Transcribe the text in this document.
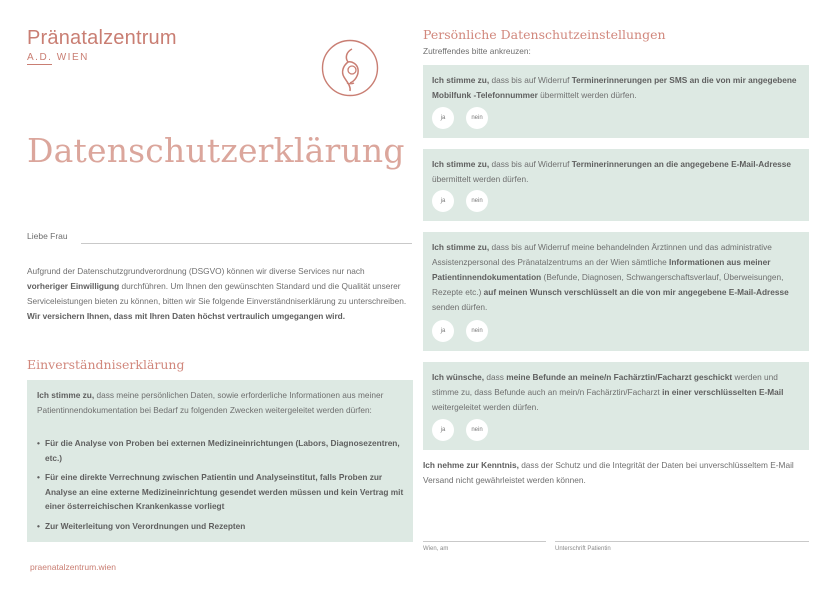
Pränatalzentrum
A.D. WIEN
Datenschutzerklärung
Liebe Frau
Aufgrund der Datenschutzgrundverordnung (DSGVO) können wir diverse Services nur nach vorheriger Einwilligung durchführen. Um Ihnen den gewünschten Standard und die Qualität unserer Serviceleistungen bieten zu können, bitten wir Sie folgende Einverständniserklärung zu unterschreiben. Wir versichern Ihnen, dass mit Ihren Daten höchst vertraulich umgegangen wird.
Einverständniserklärung
Ich stimme zu, dass meine persönlichen Daten, sowie erforderliche Informationen aus meiner Patientinnendokumentation bei Bedarf zu folgenden Zwecken weitergeleitet werden dürfen:
• Für die Analyse von Proben bei externen Medizineinrichtungen (Labors, Diagnosezentren, etc.)
• Für eine direkte Verrechnung zwischen Patientin und Analyseinstitut, falls Proben zur Analyse an eine externe Medizineinrichtung gesendet werden müssen und kein Vertrag mit einer österreichischen Krankenkasse vorliegt
• Zur Weiterleitung von Verordnungen und Rezepten
praenatalzentrum.wien
Persönliche Datenschutzeinstellungen
Zutreffendes bitte ankreuzen:
Ich stimme zu, dass bis auf Widerruf Terminerinnerungen per SMS an die von mir angegebene Mobilfunk -Telefonnummer übermittelt werden dürfen.
ja	nein
Ich stimme zu, dass bis auf Widerruf Terminerinnerungen an die angegebene E-Mail-Adresse übermittelt werden dürfen.
ja	nein
Ich stimme zu, dass bis auf Widerruf meine behandelnden Ärztinnen und das administrative Assistenzpersonal des Pränatalzentrums an der Wien sämtliche Informationen aus meiner Patientinnendokumentation (Befunde, Diagnosen, Schwangerschaftsverlauf, Überweisungen, Rezepte etc.) auf meinen Wunsch verschlüsselt an die von mir angegebene E-Mail-Adresse senden dürfen.
ja	nein
Ich wünsche, dass meine Befunde an meine/n Fachärztin/Facharzt geschickt werden und stimme zu, dass Befunde auch an mein/n Fachärztin/Facharzt in einer verschlüsselten E-Mail weitergeleitet werden dürfen.
ja	nein
Ich nehme zur Kenntnis, dass der Schutz und die Integrität der Daten bei unverschlüsseltem E-Mail Versand nicht gewährleistet werden können.
Wien, am	Unterschrift Patientin
